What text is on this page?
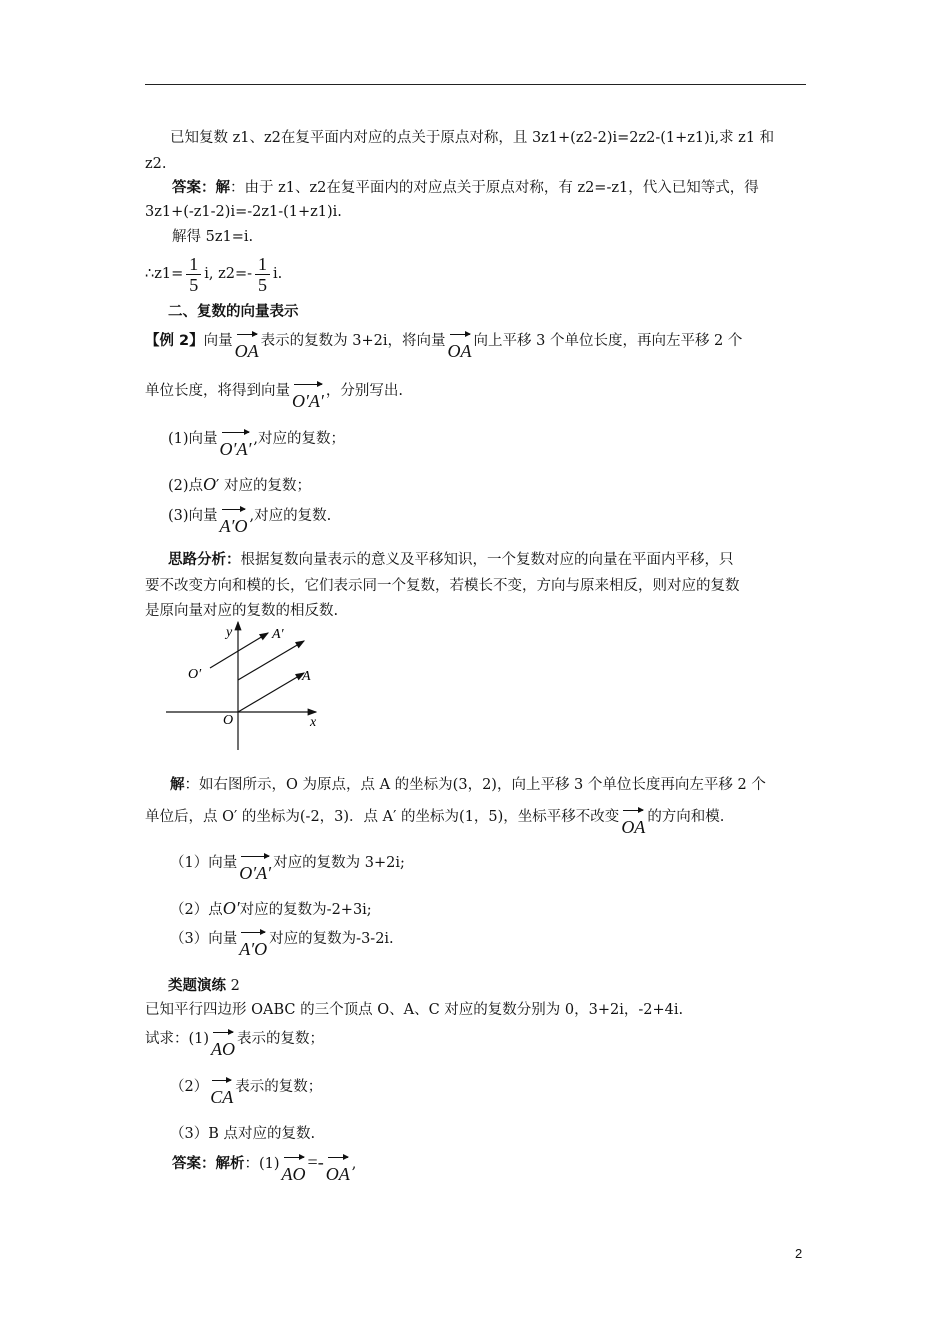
已知复数 z1、z2在复平面内对应的点关于原点对称，且 3z1+(z2-2)i=2z2-(1+z1)i,求 z1 和
z2.
答案：解：由于 z1、z2在复平面内的对应点关于原点对称，有 z2=-z1，代入已知等式，得
3z1+(-z1-2)i=-2z1-(1+z1)i.
解得 5z1=i.
∴z1= $\frac{1}{5} i$, $z2=- \frac{1}{5} i$.
二、复数的向量表示
【例 2】向量 OA 表示的复数为 3+2i，将向量 OA 向上平移 3 个单位长度，再向左平移 2 个
单位长度，将得到向量 O′A′ ，分别写出.
(1)向量 O′A′ ,对应的复数；
(2)点O′ 对应的复数；
(3)向量 A′O ,对应的复数.
思路分析：根据复数向量表示的意义及平移知识，一个复数对应的向量在平面内平移，只
要不改变方向和模的长，它们表示同一个复数，若模长不变，方向与原来相反，则对应的复数
是原向量对应的复数的相反数.
y
x
O
O′	A
A′
解：如右图所示，O 为原点，点 A 的坐标为(3，2)，向上平移 3 个单位长度再向左平移 2 个
单位后，点 O′ 的坐标为(-2，3)．点 A′ 的坐标为(1，5)，坐标平移不改变 OA 的方向和模.
（1）向量 O′A′ 对应的复数为 3+2i;
（2）点O′对应的复数为-2+3i;
（3）向量 A′O 对应的复数为-3-2i.
类题演练 2
已知平行四边形 OABC 的三个顶点 O、A、C 对应的复数分别为 0，3+2i，-2+4i.
试求：(1) AO 表示的复数；
（2） CA 表示的复数；
（3）B 点对应的复数.
答案：解析：(1) AO=-
OA ,
2
